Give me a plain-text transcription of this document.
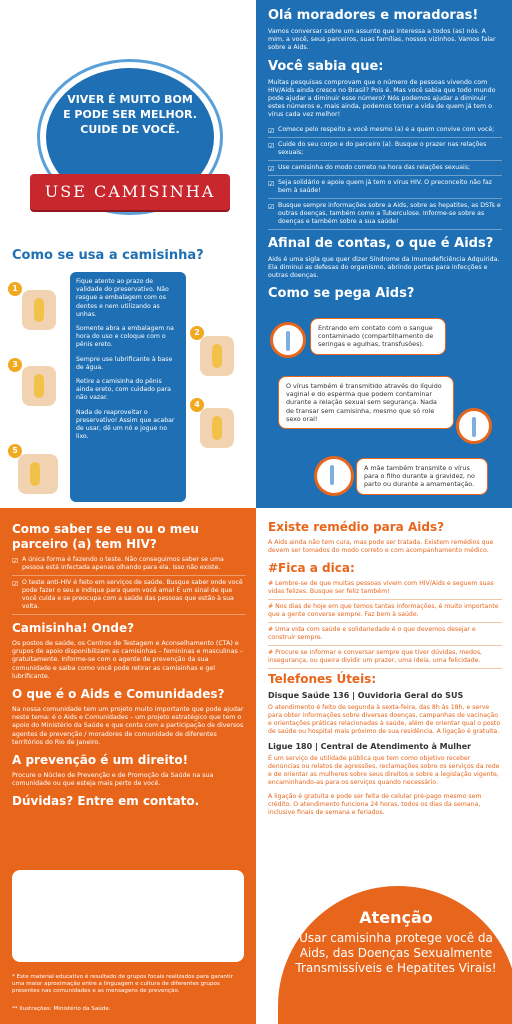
VIVER É MUITO BOM
E PODE SER MELHOR.
CUIDE DE VOCÊ.
USE CAMISINHA
Como se usa a camisinha?
1
3
5
2
4

Fique atento ao prazo de validade do preservativo. Não rasgue a embalagem com os dentes e nem utilizando as unhas.

Somente abra a embalagem na hora do uso e coloque com o pênis ereto.

Sempre use lubrificante à base de água.

Retire a camisinha do pênis ainda ereto, com cuidado para não vazar.

Nada de reaproveitar o preservativo! Assim que acabar de usar, dê um nó e jogue no lixo.

Olá moradores e moradoras!
Vamos conversar sobre um assunto que interessa a todos (as) nós. A mim, a você, seus parceiros, suas famílias, nossos vizinhos. Vamos falar sobre a Aids.
Você sabia que:
Muitas pesquisas comprovam que o número de pessoas vivendo com HIV/Aids ainda cresce no Brasil? Pois é. Mas você sabia que todo mundo pode ajudar a diminuir esse número? Nós podemos ajudar a diminuir estes números e, mais ainda, podemos tornar a vida de quem já tem o vírus cada vez melhor!
☑ Comece pelo respeito a você mesmo (a) e a quem convive com você;
☑ Cuide do seu corpo e do parceiro (a). Busque o prazer nas relações sexuais;
☑ Use camisinha do modo correto na hora das relações sexuais;
☑ Seja solidário e apoie quem já tem o vírus HIV. O preconceito não faz bem à saúde!
☑ Busque sempre informações sobre a Aids, sobre as hepatites, as DSTs e outras doenças, também como a Tuberculose. Informe-se sobre as doenças e também sobre a sua saúde!
Afinal de contas, o que é Aids?
Aids é uma sigla que quer dizer Síndrome da Imunodeficiência Adquirida. Ela diminui as defesas do organismo, abrindo portas para infecções e outras doenças.
Como se pega Aids?
Entrando em contato com o sangue contaminado (compartilhamento de seringas e agulhas, transfusões).
O vírus também é transmitido através do líquido vaginal e do esperma que podem contaminar durante a relação sexual sem segurança. Nada de transar sem camisinha, mesmo que só role sexo oral!
A mãe também transmite o vírus para o filho durante a gravidez, no parto ou durante a amamentação.
Como saber se eu ou o meu parceiro (a) tem HIV?
☑ A única forma é fazendo o teste. Não conseguimos saber se uma pessoa está infectada apenas olhando para ela. Isso não existe.
☑ O teste anti-HIV é feito em serviços de saúde. Busque saber onde você pode fazer o seu e indique para quem você ama! É um sinal de que você cuida e se preocupa com a saúde das pessoas que estão à sua volta.
Camisinha! Onde?
Os postos de saúde, os Centros de Testagem e Aconselhamento (CTA) e grupos de apoio disponibilizam as camisinhas – femininas e masculinas – gratuitamente. Informe-se com o agente de prevenção da sua comunidade e saiba como você pode retirar as camisinhas e gel lubrificante.
O que é o Aids e Comunidades?
Na nossa comunidade tem um projeto muito importante que pode ajudar neste tema: é o Aids e Comunidades – um projeto estratégico que tem o apoio do Ministério da Saúde e que conta com a participação de diversos agentes de prevenção / moradores de comunidade de diferentes territórios do Rio de Janeiro.
A prevenção é um direito!
Procure o Núcleo de Prevenção e de Promoção da Saúde na sua comunidade ou que esteja mais perto de você.
Dúvidas? Entre em contato.
* Este material educativo é resultado de grupos focais realizados para garantir uma maior aproximação entre a linguagem e cultura de diferentes grupos presentes nas comunidades e as mensagens de prevenção.
** Ilustrações: Ministério da Saúde.
Existe remédio para Aids?
A Aids ainda não tem cura, mas pode ser tratada. Existem remédios que devem ser tomados do modo correto e com acompanhamento médico.
#Fica a dica:

# Lembre-se de que muitas pessoas vivem com HIV/Aids e seguem suas vidas felizes. Busque ser feliz também!

# Nos dias de hoje em que temos tantas informações, é muito importante que a gente converse sempre. Faz bem à saúde.

# Uma vida com saúde e solidariedade é o que devemos desejar e construir sempre.

# Procure se informar e conversar sempre que tiver dúvidas, medos, insegurança, ou queira dividir um prazer, uma ideia, uma felicidade.

Telefones Úteis:
Disque Saúde 136 | Ouvidoria Geral do SUS
O atendimento é feito de segunda à sexta-feira, das 8h às 18h, e serve para obter informações sobre diversas doenças, campanhas de vacinação e orientações práticas relacionadas à saúde, além de orientar qual o posto de saúde ou hospital mais próximo de sua residência. A ligação é gratuita.
Ligue 180 | Central de Atendimento à Mulher
É um serviço de utilidade pública que tem como objetivo receber denúncias ou relatos de agressões, reclamações sobre os serviços da rede e de orientar as mulheres sobre seus direitos e sobre a legislação vigente, encaminhando-as para os serviços quando necessário.
A ligação é gratuita e pode ser feita de celular pré-pago mesmo sem crédito. O atendimento funciona 24 horas, todos os dias da semana, inclusive finais de semana e feriados.
Atenção
Usar camisinha protege você da Aids, das Doenças Sexualmente Transmissíveis e Hepatites Virais!
